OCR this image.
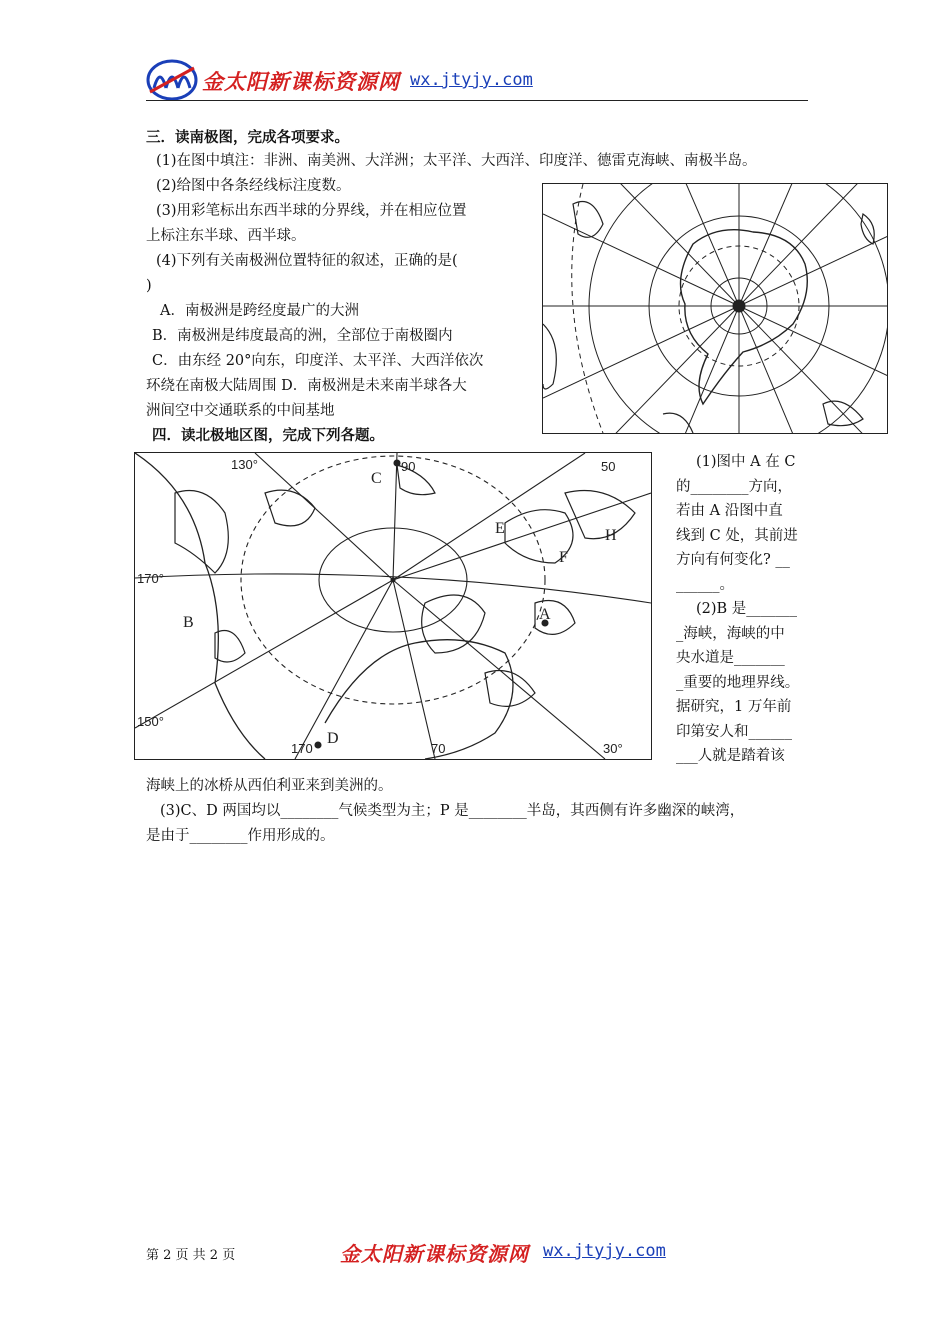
金太阳新课标资源网 wx.jtyjy.com
三．读南极图，完成各项要求。
(1)在图中填注：非洲、南美洲、大洋洲；太平洋、大西洋、印度洋、德雷克海峡、南极半岛。
(2)给图中各条经线标注度数。
(3)用彩笔标出东西半球的分界线，并在相应位置
上标注东半球、西半球。
(4)下列有关南极洲位置特征的叙述，正确的是(
)
A．南极洲是跨经度最广的大洲
B．南极洲是纬度最高的洲，全部位于南极圈内
C．由东经 20°向东，印度洋、太平洋、大西洋依次
环绕在南极大陆周围 D．南极洲是未来南半球各大
洲间空中交通联系的中间基地
四．读北极地区图，完成下列各题。
130°	90	50
170°
150°
170	70	30°
C
E	H
F
A
B
D
(1)图中 A 在 C
的________方向，
若由 A 沿图中直
线到 C 处，其前进
方向有何变化? __
______。
(2)B 是_______
_海峡，海峡的中
央水道是_______
_重要的地理界线。
据研究，1 万年前
印第安人和______
___人就是踏着该
海峡上的冰桥从西伯利亚来到美洲的。
(3)C、D 两国均以________气候类型为主；P 是________半岛，其西侧有许多幽深的峡湾，
是由于________作用形成的。
第 2 页 共 2 页	金太阳新课标资源网 wx.jtyjy.com
